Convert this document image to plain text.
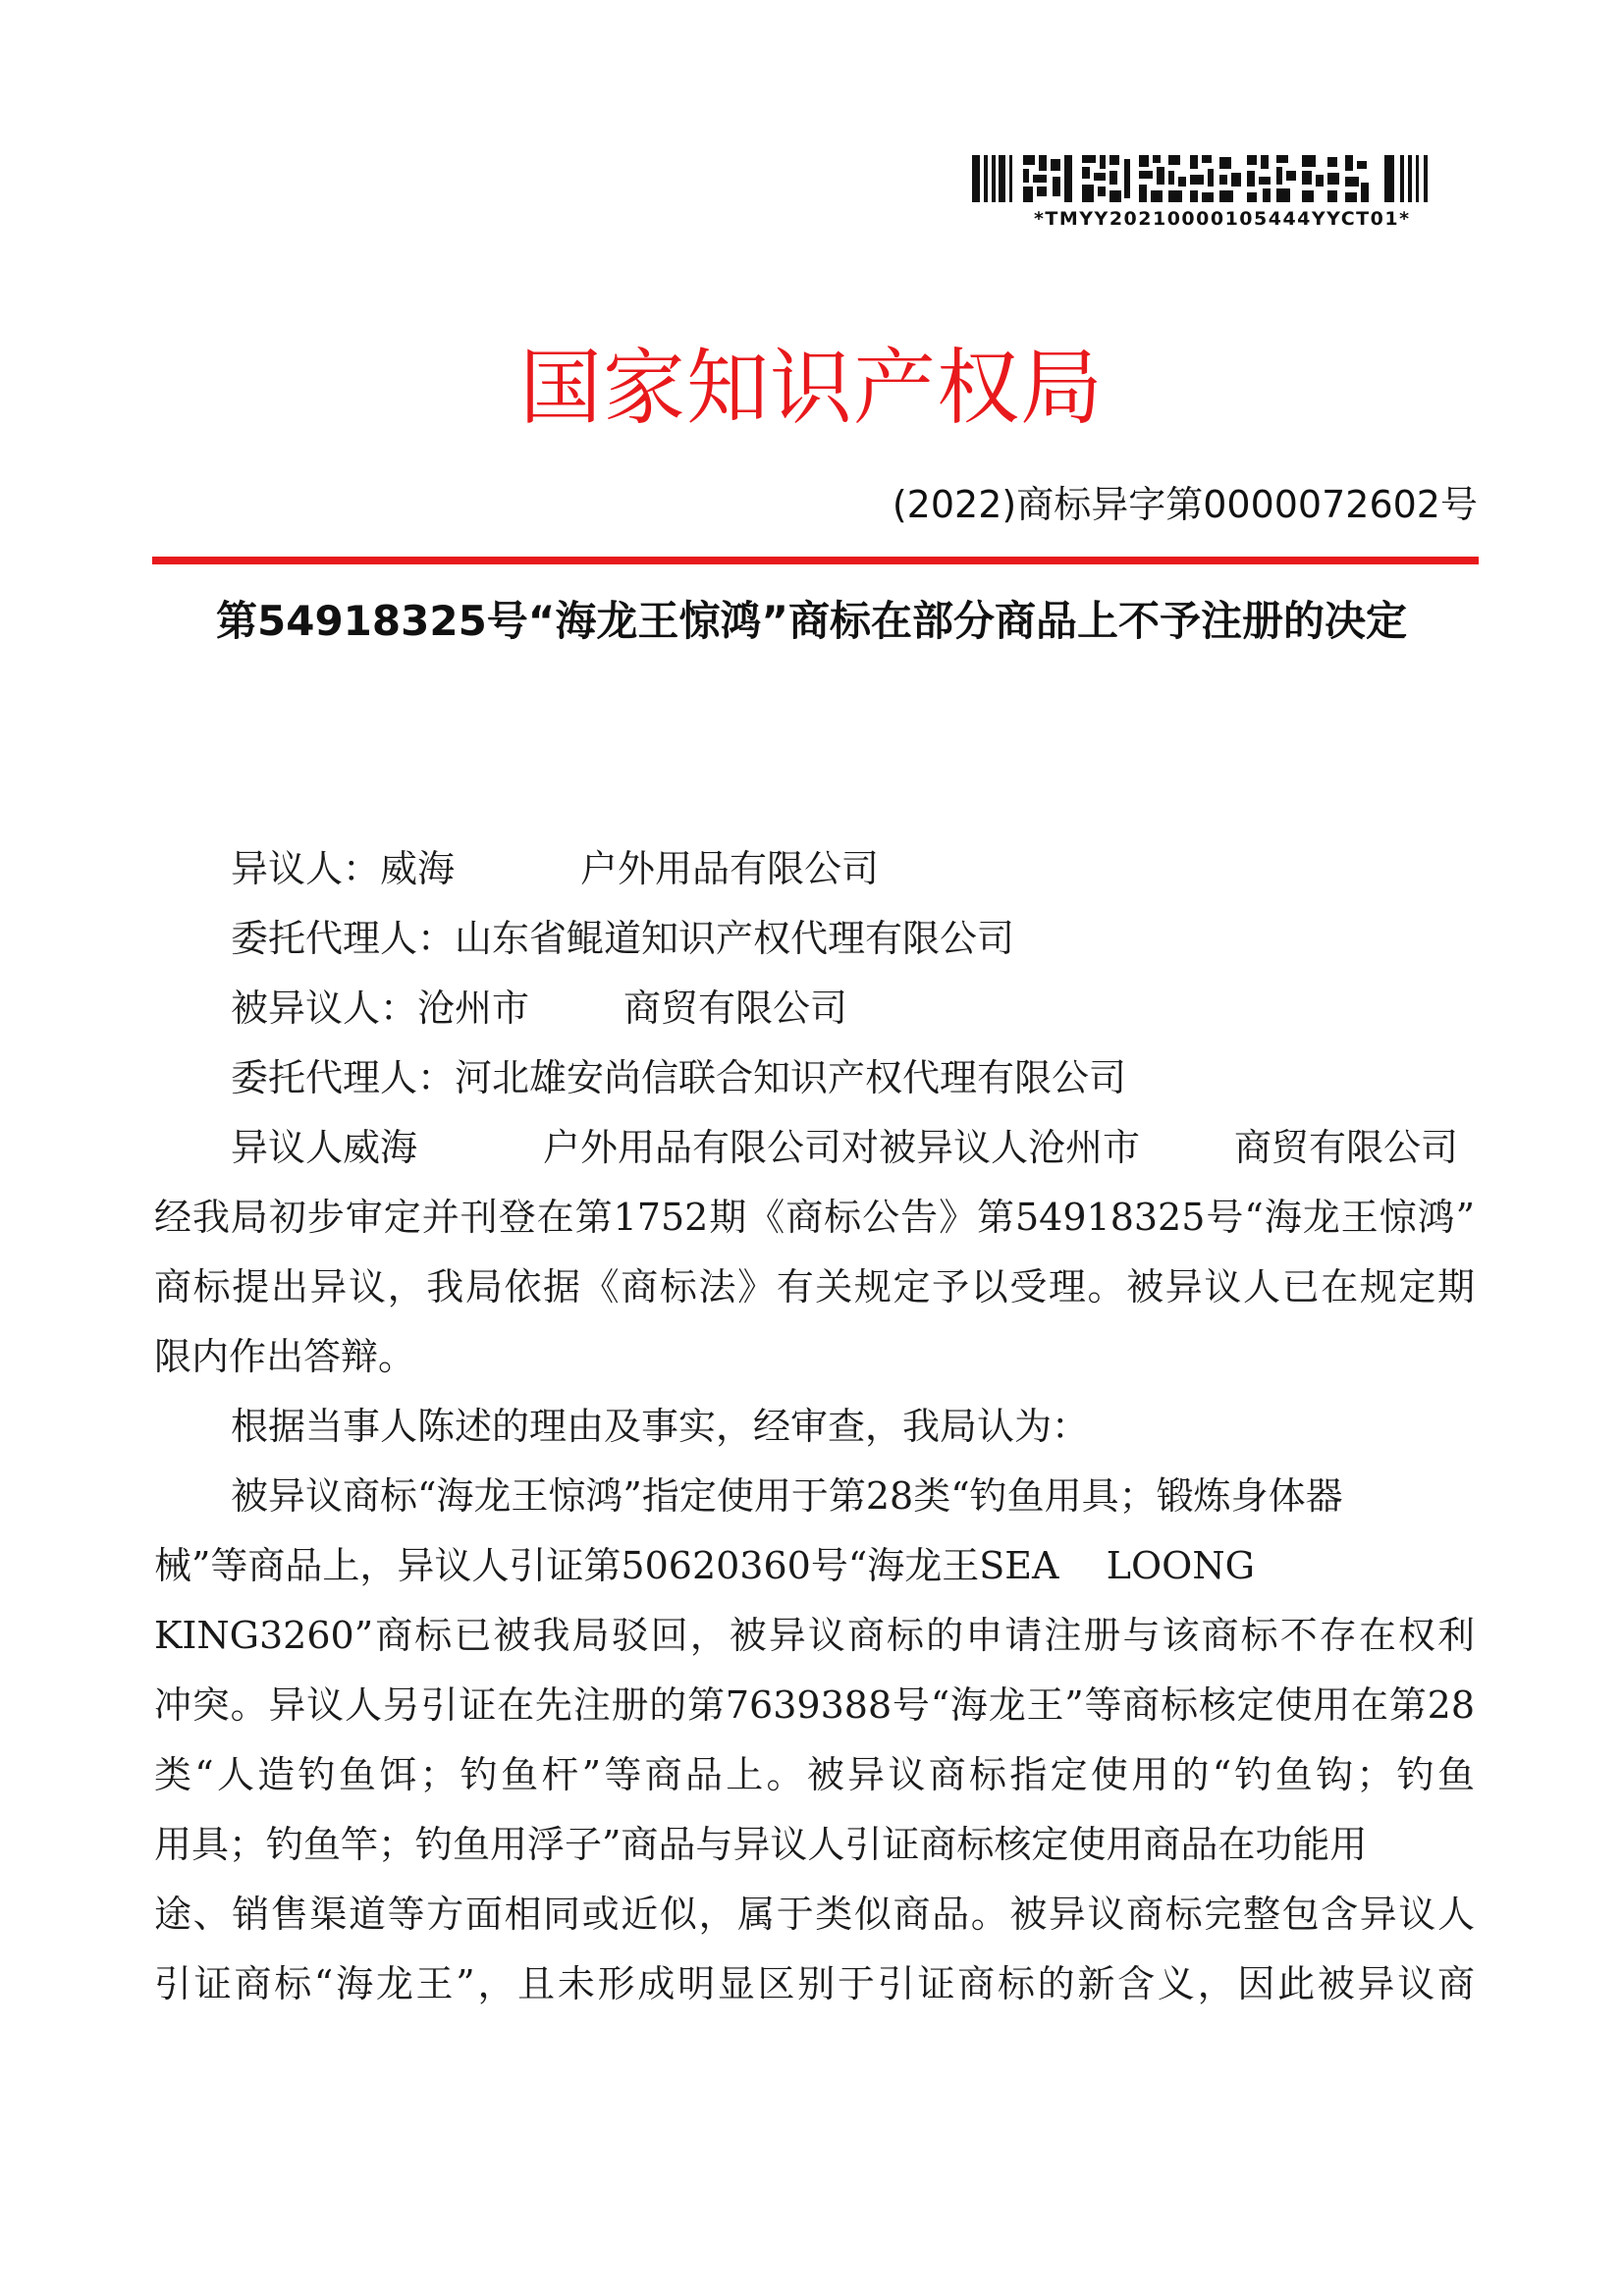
*TMYY20210000105444YYCT01*
国家知识产权局
(2022)商标异字第0000072602号
第54918325号“海龙王惊鸿”商标在部分商品上不予注册的决定
异议人：威海	户外用品有限公司
委托代理人：山东省鲲道知识产权代理有限公司
被异议人：沧州市	商贸有限公司
委托代理人：河北雄安尚信联合知识产权代理有限公司
异议人威海	户外用品有限公司对被异议人沧州市	商贸有限公司
经我局初步审定并刊登在第1752期《商标公告》第54918325号“海龙王惊鸿”
商标提出异议，我局依据《商标法》有关规定予以受理。被异议人已在规定期
限内作出答辩。
根据当事人陈述的理由及事实，经审查，我局认为：
被异议商标“海龙王惊鸿”指定使用于第28类“钓鱼用具；锻炼身体器
械”等商品上，异议人引证第50620360号“海龙王SEA    LOONG
KING3260”商标已被我局驳回，被异议商标的申请注册与该商标不存在权利
冲突。异议人另引证在先注册的第7639388号“海龙王”等商标核定使用在第28
类“人造钓鱼饵；钓鱼杆”等商品上。被异议商标指定使用的“钓鱼钩；钓鱼
用具；钓鱼竿；钓鱼用浮子”商品与异议人引证商标核定使用商品在功能用
途、销售渠道等方面相同或近似，属于类似商品。被异议商标完整包含异议人
引证商标“海龙王”，且未形成明显区别于引证商标的新含义，因此被异议商
